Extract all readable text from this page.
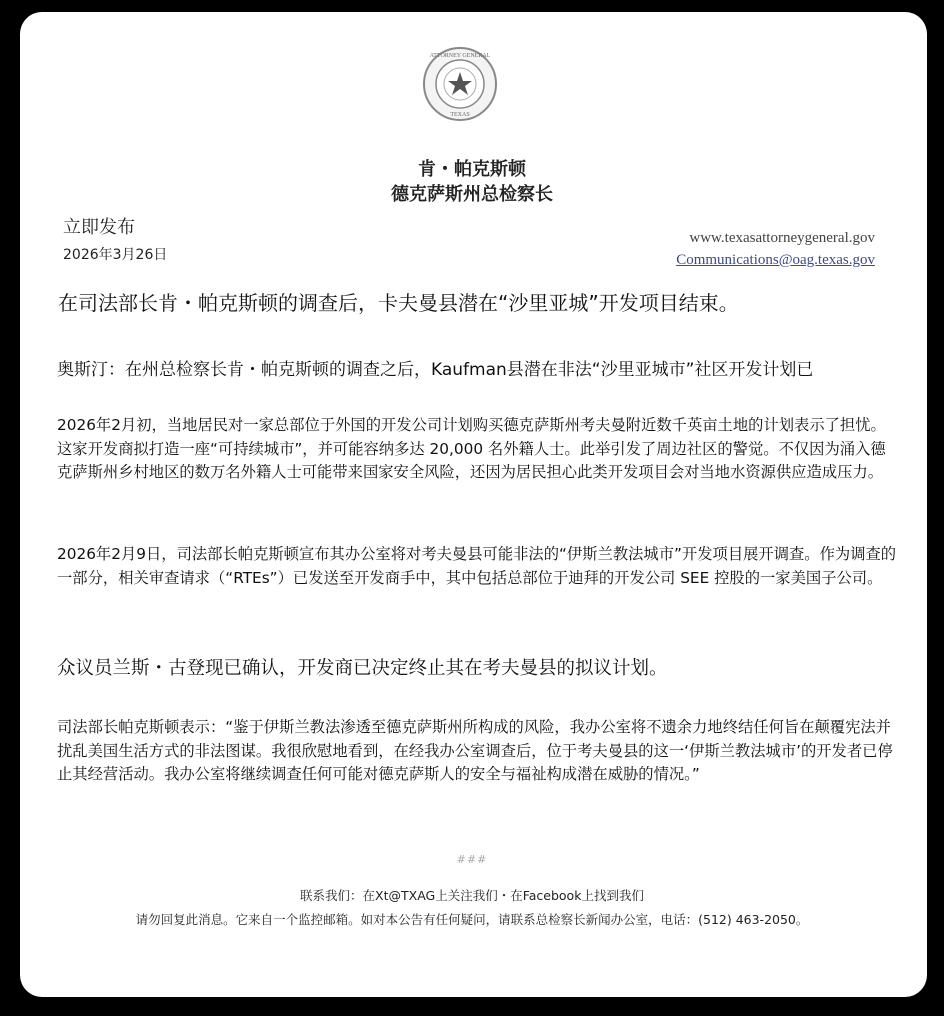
ATTORNEY GENERAL
TEXAS
肯・帕克斯顿
德克萨斯州总检察长
立即发布
2026年3月26日
www.texasattorneygeneral.gov
Communications@oag.texas.gov
在司法部长肯・帕克斯顿的调查后，卡夫曼县潜在“沙里亚城”开发项目结束。
奥斯汀：在州总检察长肯・帕克斯顿的调查之后，Kaufman县潜在非法“沙里亚城市”社区开发计划已
2026年2月初，当地居民对一家总部位于外国的开发公司计划购买德克萨斯州考夫曼附近数千英亩土地的计划表示了担忧。这家开发商拟打造一座“可持续城市”，并可能容纳多达 20,000 名外籍人士。此举引发了周边社区的警觉。不仅因为涌入德克萨斯州乡村地区的数万名外籍人士可能带来国家安全风险，还因为居民担心此类开发项目会对当地水资源供应造成压力。
2026年2月9日，司法部长帕克斯顿宣布其办公室将对考夫曼县可能非法的“伊斯兰教法城市”开发项目展开调查。作为调查的一部分，相关审查请求（“RTEs”）已发送至开发商手中，其中包括总部位于迪拜的开发公司 SEE 控股的一家美国子公司。
众议员兰斯・古登现已确认，开发商已决定终止其在考夫曼县的拟议计划。
司法部长帕克斯顿表示：“鉴于伊斯兰教法渗透至德克萨斯州所构成的风险，我办公室将不遗余力地终结任何旨在颠覆宪法并扰乱美国生活方式的非法图谋。我很欣慰地看到，在经我办公室调查后，位于考夫曼县的这一‘伊斯兰教法城市’的开发者已停止其经营活动。我办公室将继续调查任何可能对德克萨斯人的安全与福祉构成潜在威胁的情况。”
###
联系我们：在Xt@TXAG上关注我们・在Facebook上找到我们
请勿回复此消息。它来自一个监控邮箱。如对本公告有任何疑问，请联系总检察长新闻办公室，电话：(512) 463-2050。
